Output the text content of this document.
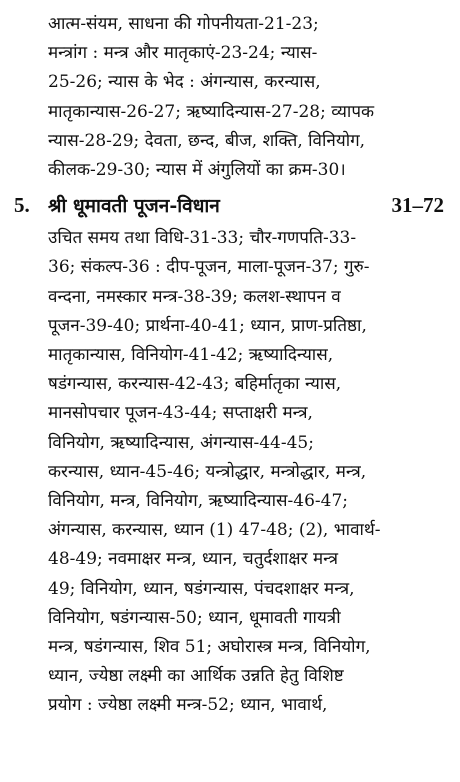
आत्म-संयम, साधना की गोपनीयता-21-23;
मन्त्रांग : मन्त्र और मातृकाएं-23-24; न्यास-
25-26; न्यास के भेद : अंगन्यास, करन्यास,
मातृकान्यास-26-27; ऋष्यादिन्यास-27-28; व्यापक
न्यास-28-29; देवता, छन्द, बीज, शक्ति, विनियोग,
कीलक-29-30; न्यास में अंगुलियों का क्रम-30।
5. श्री धूमावती पूजन-विधान	31–72
उचित समय तथा विधि-31-33; चौर-गणपति-33-
36; संकल्प-36 : दीप-पूजन, माला-पूजन-37; गुरु-
वन्दना, नमस्कार मन्त्र-38-39; कलश-स्थापन व
पूजन-39-40; प्रार्थना-40-41; ध्यान, प्राण-प्रतिष्ठा,
मातृकान्यास, विनियोग-41-42; ऋष्यादिन्यास,
षडंगन्यास, करन्यास-42-43; बहिर्मातृका न्यास,
मानसोपचार पूजन-43-44; सप्ताक्षरी मन्त्र,
विनियोग, ऋष्यादिन्यास, अंगन्यास-44-45;
करन्यास, ध्यान-45-46; यन्त्रोद्धार, मन्त्रोद्धार, मन्त्र,
विनियोग, मन्त्र, विनियोग, ऋष्यादिन्यास-46-47;
अंगन्यास, करन्यास, ध्यान (1) 47-48; (2), भावार्थ-
48-49; नवमाक्षर मन्त्र, ध्यान, चतुर्दशाक्षर मन्त्र
49; विनियोग, ध्यान, षडंगन्यास, पंचदशाक्षर मन्त्र,
विनियोग, षडंगन्यास-50; ध्यान, धूमावती गायत्री
मन्त्र, षडंगन्यास, शिव 51; अघोरास्त्र मन्त्र, विनियोग,
ध्यान, ज्येष्ठा लक्ष्मी का आर्थिक उन्नति हेतु विशिष्ट
प्रयोग : ज्येष्ठा लक्ष्मी मन्त्र-52; ध्यान, भावार्थ,
